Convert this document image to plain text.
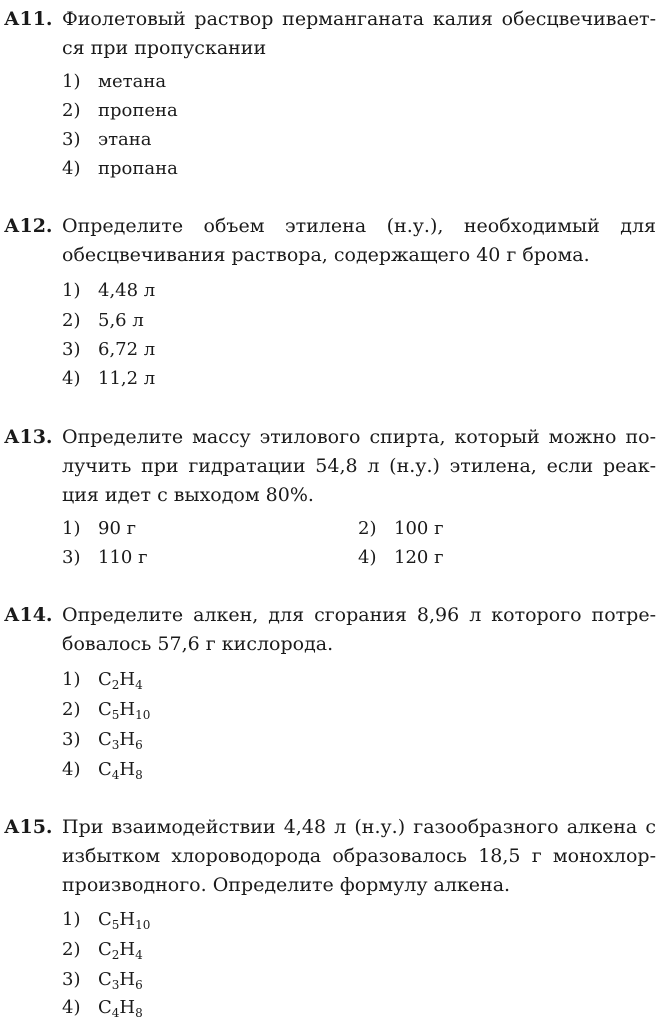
А11. Фиолетовый раствор перманганата калия обесцвечивает-
ся при пропускании

1) метана
2) пропена
3) этана
4) пропана
А12. Определите объем этилена (н.у.), необходимый для
обесцвечивания раствора, содержащего 40 г брома.

1) 4,48 л
2) 5,6 л
3) 6,72 л
4) 11,2 л
А13. Определите массу этилового спирта, который можно по-
лучить при гидратации 54,8 л (н.у.) этилена, если реак-
ция идет с выходом 80%.

1) 90 г	2) 100 г
3) 110 г	4) 120 г
А14. Определите алкен, для сгорания 8,96 л которого потре-
бовалось 57,6 г кислорода.

1) $C_2H_4$
2) $C_5H_{10}$
3) $C_3H_6$
4) $C_4H_8$
А15. При взаимодействии 4,48 л (н.у.) газообразного алкена с
избытком хлороводорода образовалось 18,5 г монохлор-
производного. Определите формулу алкена.

1) $C_5H_{10}$
2) $C_2H_4$
3) $C_3H_6$
4) $C_4H_8$
